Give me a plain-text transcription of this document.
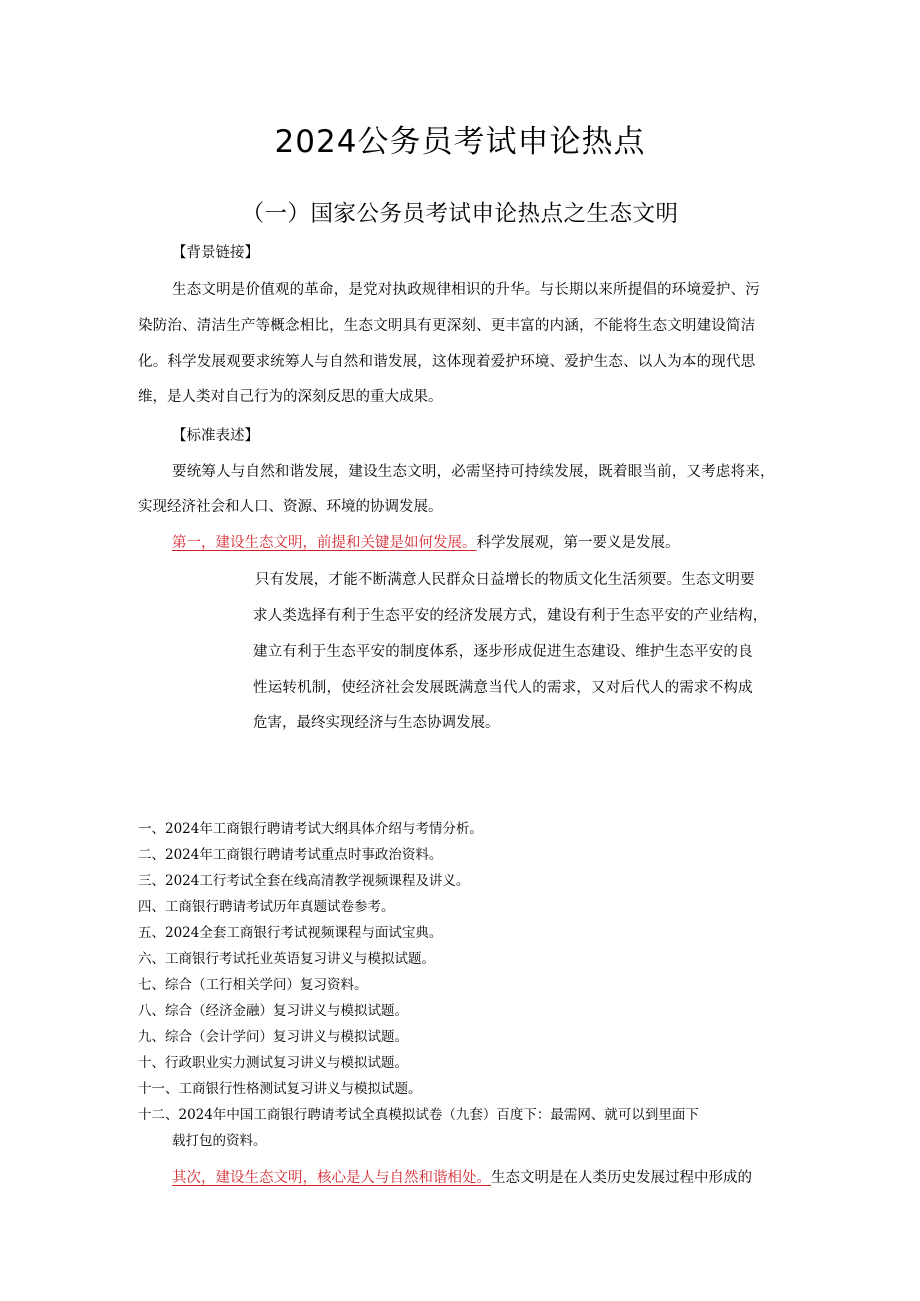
2024公务员考试申论热点
（一）国家公务员考试申论热点之生态文明
【背景链接】
生态文明是价值观的革命，是党对执政规律相识的升华。与长期以来所提倡的环境爱护、污
染防治、清洁生产等概念相比，生态文明具有更深刻、更丰富的内涵，不能将生态文明建设简洁
化。科学发展观要求统筹人与自然和谐发展，这体现着爱护环境、爱护生态、以人为本的现代思
维，是人类对自己行为的深刻反思的重大成果。
【标准表述】
要统筹人与自然和谐发展，建设生态文明，必需坚持可持续发展，既着眼当前，又考虑将来，
实现经济社会和人口、资源、环境的协调发展。
第一，建设生态文明，前提和关键是如何发展。科学发展观，第一要义是发展。
只有发展，才能不断满意人民群众日益增长的物质文化生活须要。生态文明要
求人类选择有利于生态平安的经济发展方式，建设有利于生态平安的产业结构，
建立有利于生态平安的制度体系，逐步形成促进生态建设、维护生态平安的良
性运转机制，使经济社会发展既满意当代人的需求，又对后代人的需求不构成
危害，最终实现经济与生态协调发展。
一、2024年工商银行聘请考试大纲具体介绍与考情分析。
二、2024年工商银行聘请考试重点时事政治资料。
三、2024工行考试全套在线高清教学视频课程及讲义。
四、工商银行聘请考试历年真题试卷参考。
五、2024全套工商银行考试视频课程与面试宝典。
六、工商银行考试托业英语复习讲义与模拟试题。
七、综合（工行相关学问）复习资料。
八、综合（经济金融）复习讲义与模拟试题。
九、综合（会计学问）复习讲义与模拟试题。
十、行政职业实力测试复习讲义与模拟试题。
十一、工商银行性格测试复习讲义与模拟试题。
十二、2024年中国工商银行聘请考试全真模拟试卷（九套）百度下：最需网、就可以到里面下
载打包的资料。
其次，建设生态文明，核心是人与自然和谐相处。生态文明是在人类历史发展过程中形成的
